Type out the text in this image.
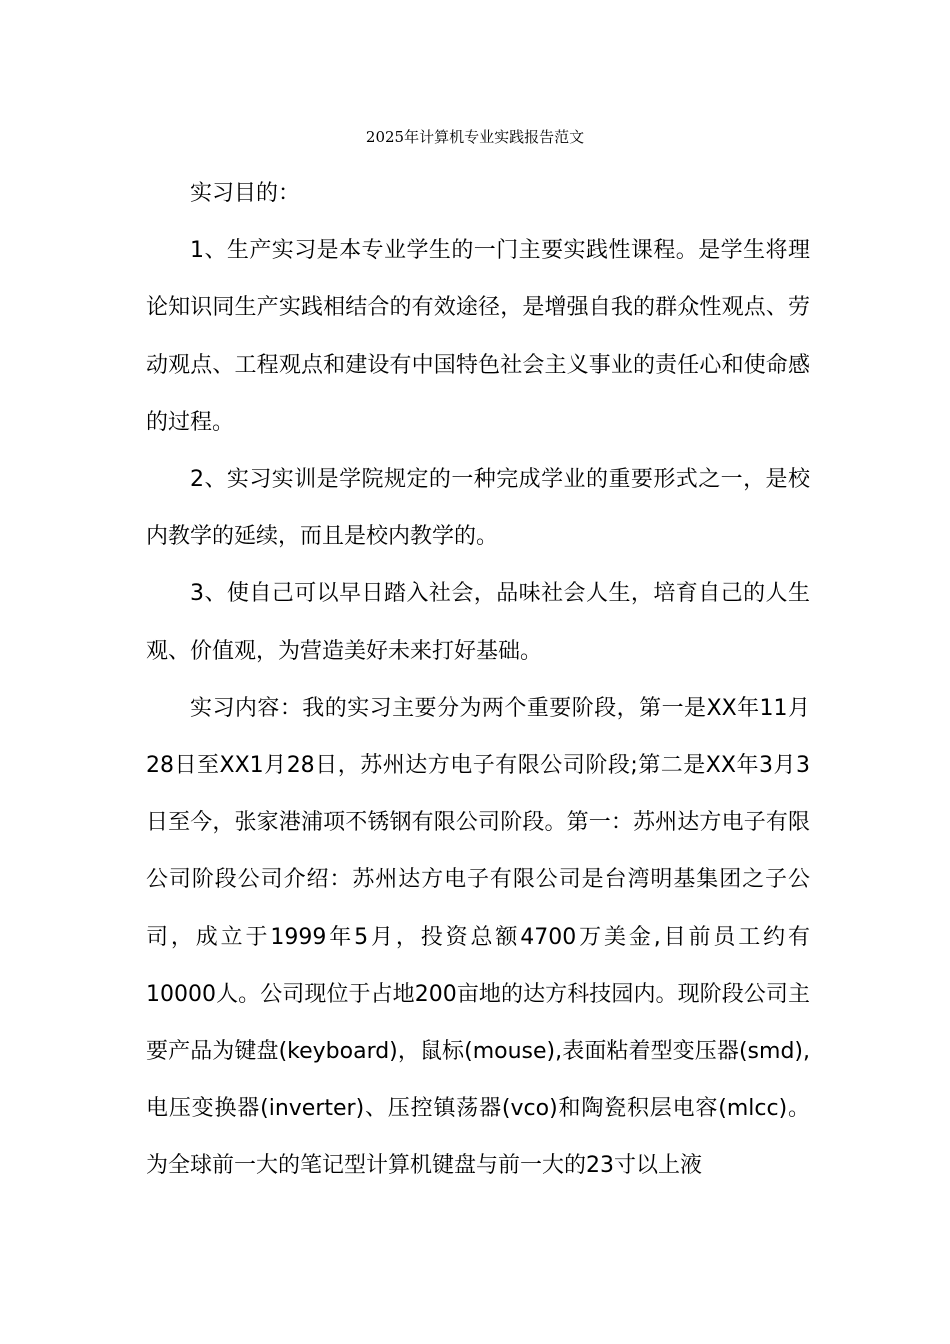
2025年计算机专业实践报告范文

实习目的：

1、生产实习是本专业学生的一门主要实践性课程。是学生将理论知识同生产实践相结合的有效途径，是增强自我的群众性观点、劳动观点、工程观点和建设有中国特色社会主义事业的责任心和使命感的过程。

2、实习实训是学院规定的一种完成学业的重要形式之一，是校内教学的延续，而且是校内教学的。

3、使自己可以早日踏入社会，品味社会人生，培育自己的人生观、价值观，为营造美好未来打好基础。

实习内容：我的实习主要分为两个重要阶段，第一是XX年11月28日至XX1月28日，苏州达方电子有限公司阶段;第二是XX年3月3日至今，张家港浦项不锈钢有限公司阶段。第一：苏州达方电子有限公司阶段公司介绍：苏州达方电子有限公司是台湾明基集团之子公司，成立于1999年5月，投资总额4700万美金,目前员工约有10000人。公司现位于占地200亩地的达方科技园内。现阶段公司主要产品为键盘(keyboard)，鼠标(mouse),表面粘着型变压器(smd),电压变换器(inverter)、压控镇荡器(vco)和陶瓷积层电容(mlcc)。为全球前一大的笔记型计算机键盘与前一大的23寸以上液
